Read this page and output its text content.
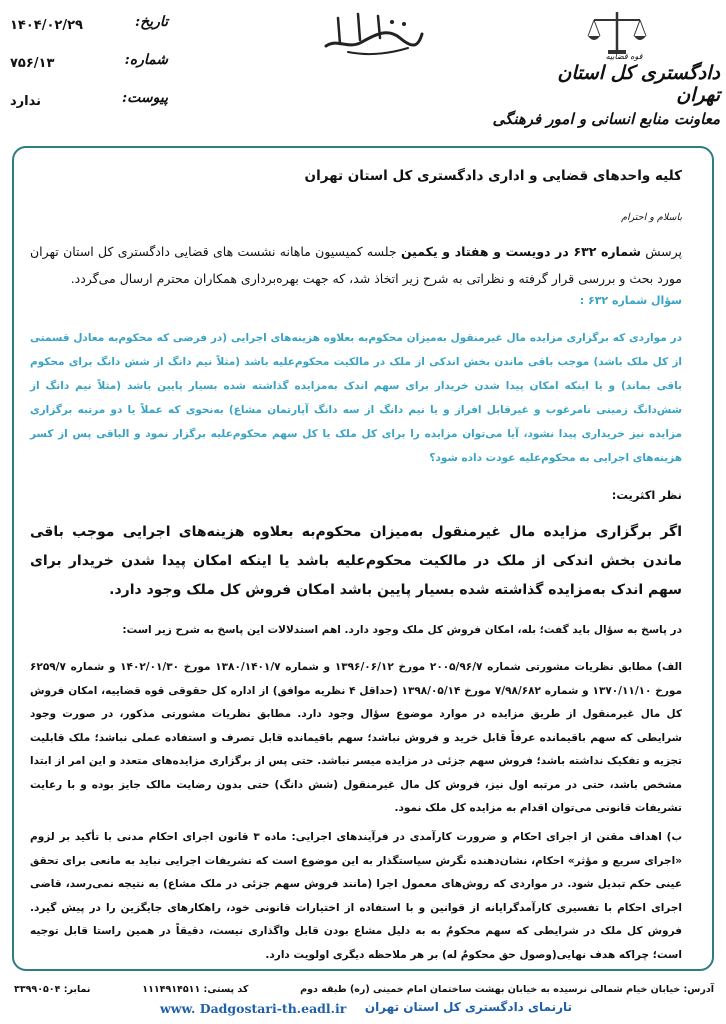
تاریخ:
شماره:
پیوست:
۱۴۰۴/۰۲/۲۹
۷۵۶/۱۳
ندارد
قوه قضاییه
دادگستری کل استان تهران
معاونت منابع انسانی و امور فرهنگی
کلیه واحدهای قضایی و اداری دادگستری کل استان تهران
باسلام و احترام
پرسش شماره ۶۳۲ در دویست و هفتاد و یکمین جلسه کمیسیون ماهانه نشست های قضایی دادگستری کل استان تهران مورد بحث و بررسی قرار گرفته و نظراتی به شرح زیر اتخاذ شد، که جهت بهره‌برداری همکاران محترم ارسال می‌گردد.
سؤال شماره ۶۳۲ :
در مواردی که برگزاری مزایده مال غیرمنقول به‌میزان محکوم‌به بعلاوه هزینه‌های اجرایی (در فرضی که محکوم‌به معادل قسمتی از کل ملک باشد) موجب باقی ماندن بخش اندکی از ملک در مالکیت محکوم‌علیه باشد (مثلاً نیم دانگ از شش دانگ برای محکوم باقی بماند) و یا اینکه امکان پیدا شدن خریدار برای سهم اندک به‌مزایده گذاشته شده بسیار پایین باشد (مثلاً نیم دانگ از شش‌دانگ زمینی نامرغوب و غیرقابل افراز و یا نیم دانگ از سه دانگ آپارتمان مشاع) به‌نحوی که عملاً یا دو مرتبه برگزاری مزایده نیز خریداری پیدا نشود، آیا می‌توان مزایده را برای کل ملک یا کل سهم محکوم‌علیه برگزار نمود و الباقی پس از کسر هزینه‌های اجرایی به محکوم‌علیه عودت داده شود؟
نظر اکثریت:
اگر برگزاری مزایده مال غیرمنقول به‌میزان محکوم‌به بعلاوه هزینه‌های اجرایی موجب باقی ماندن بخش اندکی از ملک در مالکیت محکوم‌علیه باشد یا اینکه امکان پیدا شدن خریدار برای سهم اندک به‌مزایده گذاشته شده بسیار پایین باشد امکان فروش کل ملک وجود دارد.
در پاسخ به سؤال باید گفت؛ بله، امکان فروش کل ملک وجود دارد. اهم استدلالات این پاسخ به شرح زیر است:
الف) مطابق نظریات مشورتی شماره ۲۰۰۵/۹۶/۷ مورخ ۱۳۹۶/۰۶/۱۲ و شماره ۱۳۸۰/۱۴۰۱/۷ مورخ ۱۴۰۲/۰۱/۳۰ و شماره ۶۲۵۹/۷ مورخ ۱۳۷۰/۱۱/۱۰ و شماره ۷/۹۸/۶۸۲ مورخ ۱۳۹۸/۰۵/۱۴ (حداقل ۴ نظریه موافق) از اداره کل حقوقی قوه قضاییه، امکان فروش کل مال غیرمنقول از طریق مزایده در موارد موضوع سؤال وجود دارد. مطابق نظریات مشورتی مذکور، در صورت وجود شرایطی که سهم باقیمانده عرفاً قابل خرید و فروش نباشد؛ سهم باقیمانده قابل تصرف و استفاده عملی نباشد؛ ملک قابلیت تجزیه و تفکیک نداشته باشد؛ فروش سهم جزئی در مزایده میسر نباشد. حتی پس از برگزاری مزایده‌های متعدد و این امر از ابتدا مشخص باشد، حتی در مرتبه اول نیز، فروش کل مال غیرمنقول (شش دانگ) حتی بدون رضایت مالک جایز بوده و با رعایت تشریفات قانونی می‌توان اقدام به مزایده کل ملک نمود.
ب) اهداف مقنن از اجرای احکام و ضرورت کارآمدی در فرآیندهای اجرایی: ماده ۳ قانون اجرای احکام مدنی با تأکید بر لزوم «اجرای سریع و مؤثر» احکام، نشان‌دهنده نگرش سیاستگذار به این موضوع است که تشریفات اجرایی نباید به مانعی برای تحقق عینی حکم تبدیل شود. در مواردی که روش‌های معمول اجرا (مانند فروش سهم جزئی در ملک مشاع) به نتیجه نمی‌رسد، قاضی اجرای احکام با تفسیری کارآمدگرایانه از قوانین و با استفاده از اختیارات قانونی خود، راهکارهای جایگزین را در پیش گیرد. فروش کل ملک در شرایطی که سهم محکومٌ به به دلیل مشاع بودن قابل واگذاری نیست، دقیقاً در همین راستا قابل توجیه است؛ چراکه هدف نهایی(وصول حق محکومٌ له) بر هر ملاحظه دیگری اولویت دارد.
آدرس: خیابان خیام شمالی نرسیده به خیابان بهشت ساختمان امام خمینی (ره) طبقه دوم
کد پستی: ۱۱۱۴۹۱۴۵۱۱
نمابر: ۳۳۹۹۰۵۰۴
www. Dadgostari-th.eadl.ir	تارنمای دادگستری کل استان تهران
